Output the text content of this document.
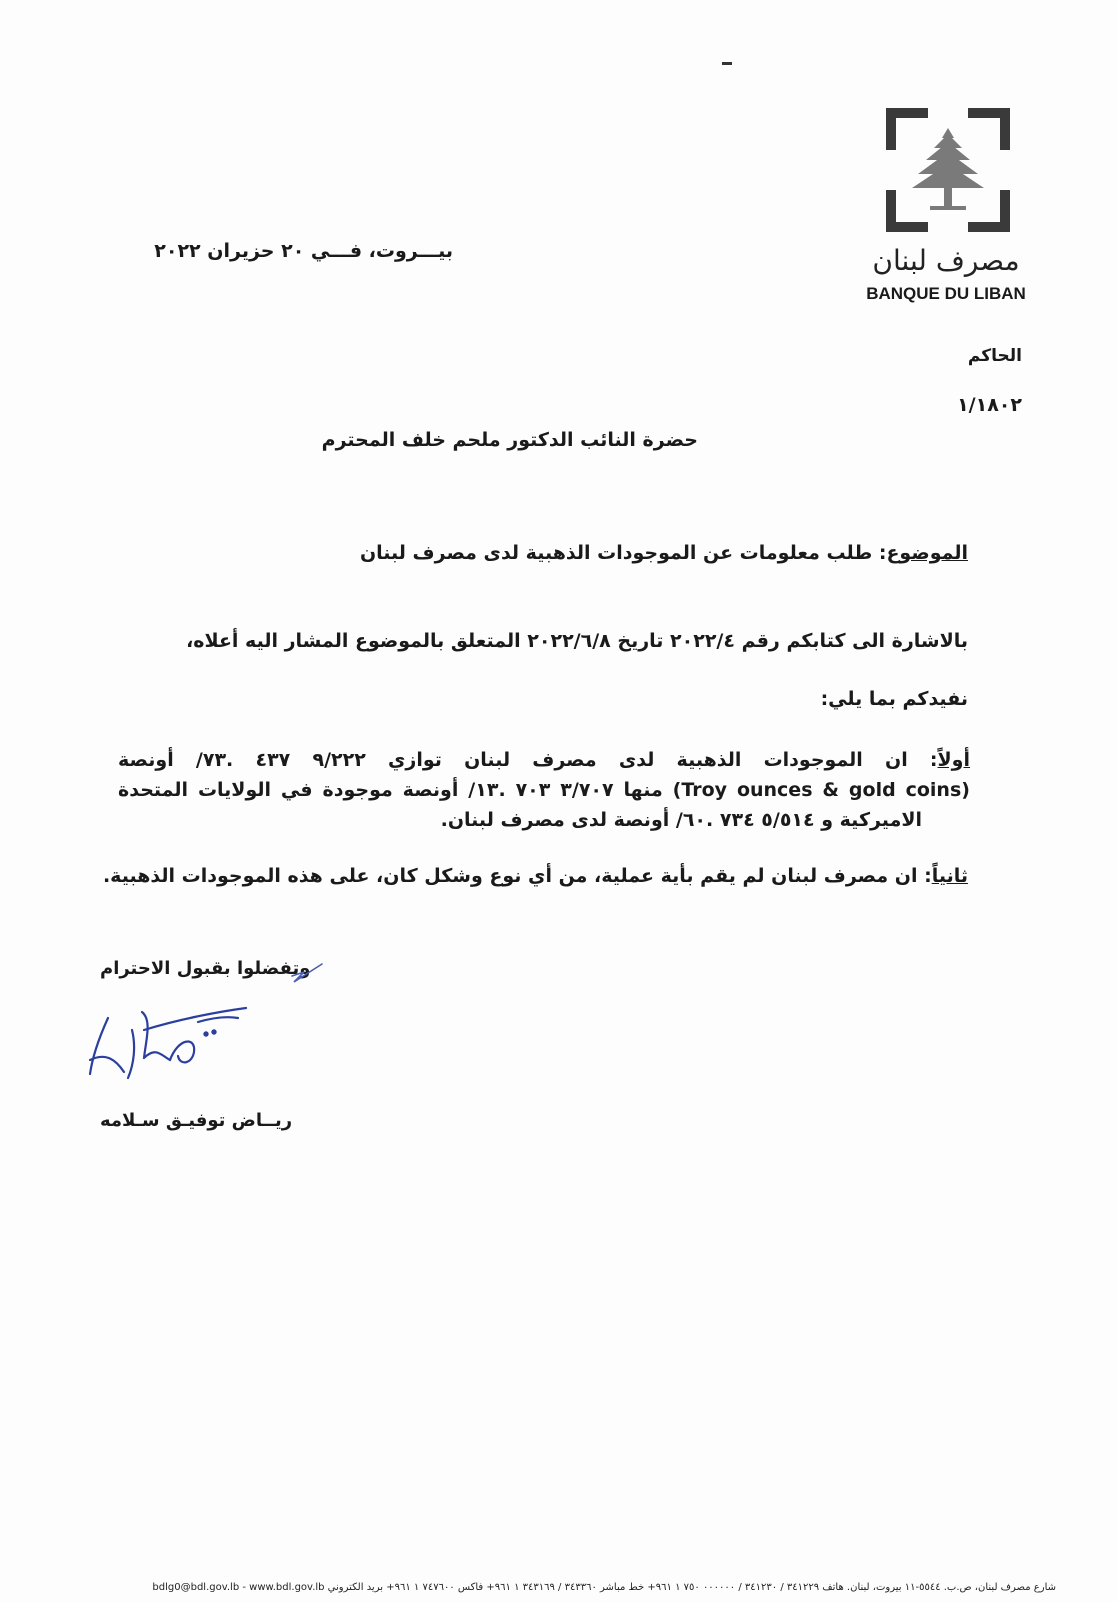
مصرف لبنان
BANQUE DU LIBAN
بيـــروت، فـــي ٢٠ حزيران ٢٠٢٢
الحاكم
١/١٨٠٢
حضرة النائب الدكتور ملحم خلف المحترم
الموضوع: طلب معلومات عن الموجودات الذهبية لدى مصرف لبنان
بالاشارة الى كتابكم رقم ٢٠٢٢/٤ تاريخ ٢٠٢٢/٦/٨ المتعلق بالموضوع المشار اليه أعلاه،
نفيدكم بما يلي:
أولاً: ان الموجودات الذهبية لدى مصرف لبنان توازي ٩/٢٢٢ ٤٣٧ .٧٣/ أونصة
(Troy ounces & gold coins) منها ٣/٧٠٧ ٧٠٣ .١٣/ أونصة موجودة في الولايات المتحدة
الاميركية و ٥/٥١٤ ٧٣٤ .٦٠/ أونصة لدى مصرف لبنان.
ثانياً: ان مصرف لبنان لم يقم بأية عملية، من أي نوع وشكل كان، على هذه الموجودات الذهبية.
وتفضلوا بقبول الاحترام
ريــاض توفيـق سـلامه
شارع مصرف لبنان، ص.ب. ٥٥٤٤-١١ بيروت، لبنان. هاتف ٣٤١٢٢٩ / ٣٤١٢٣٠ / ٠٠٠٠٠٠ ٧٥٠ ١ ٩٦١+ خط مباشر ٣٤٣٣٦٠ / ٣٤٣١٦٩ ١ ٩٦١+ فاكس ٧٤٧٦٠٠ ١ ٩٦١+ بريد الكتروني bdlg0@bdl.gov.lb - www.bdl.gov.lb
